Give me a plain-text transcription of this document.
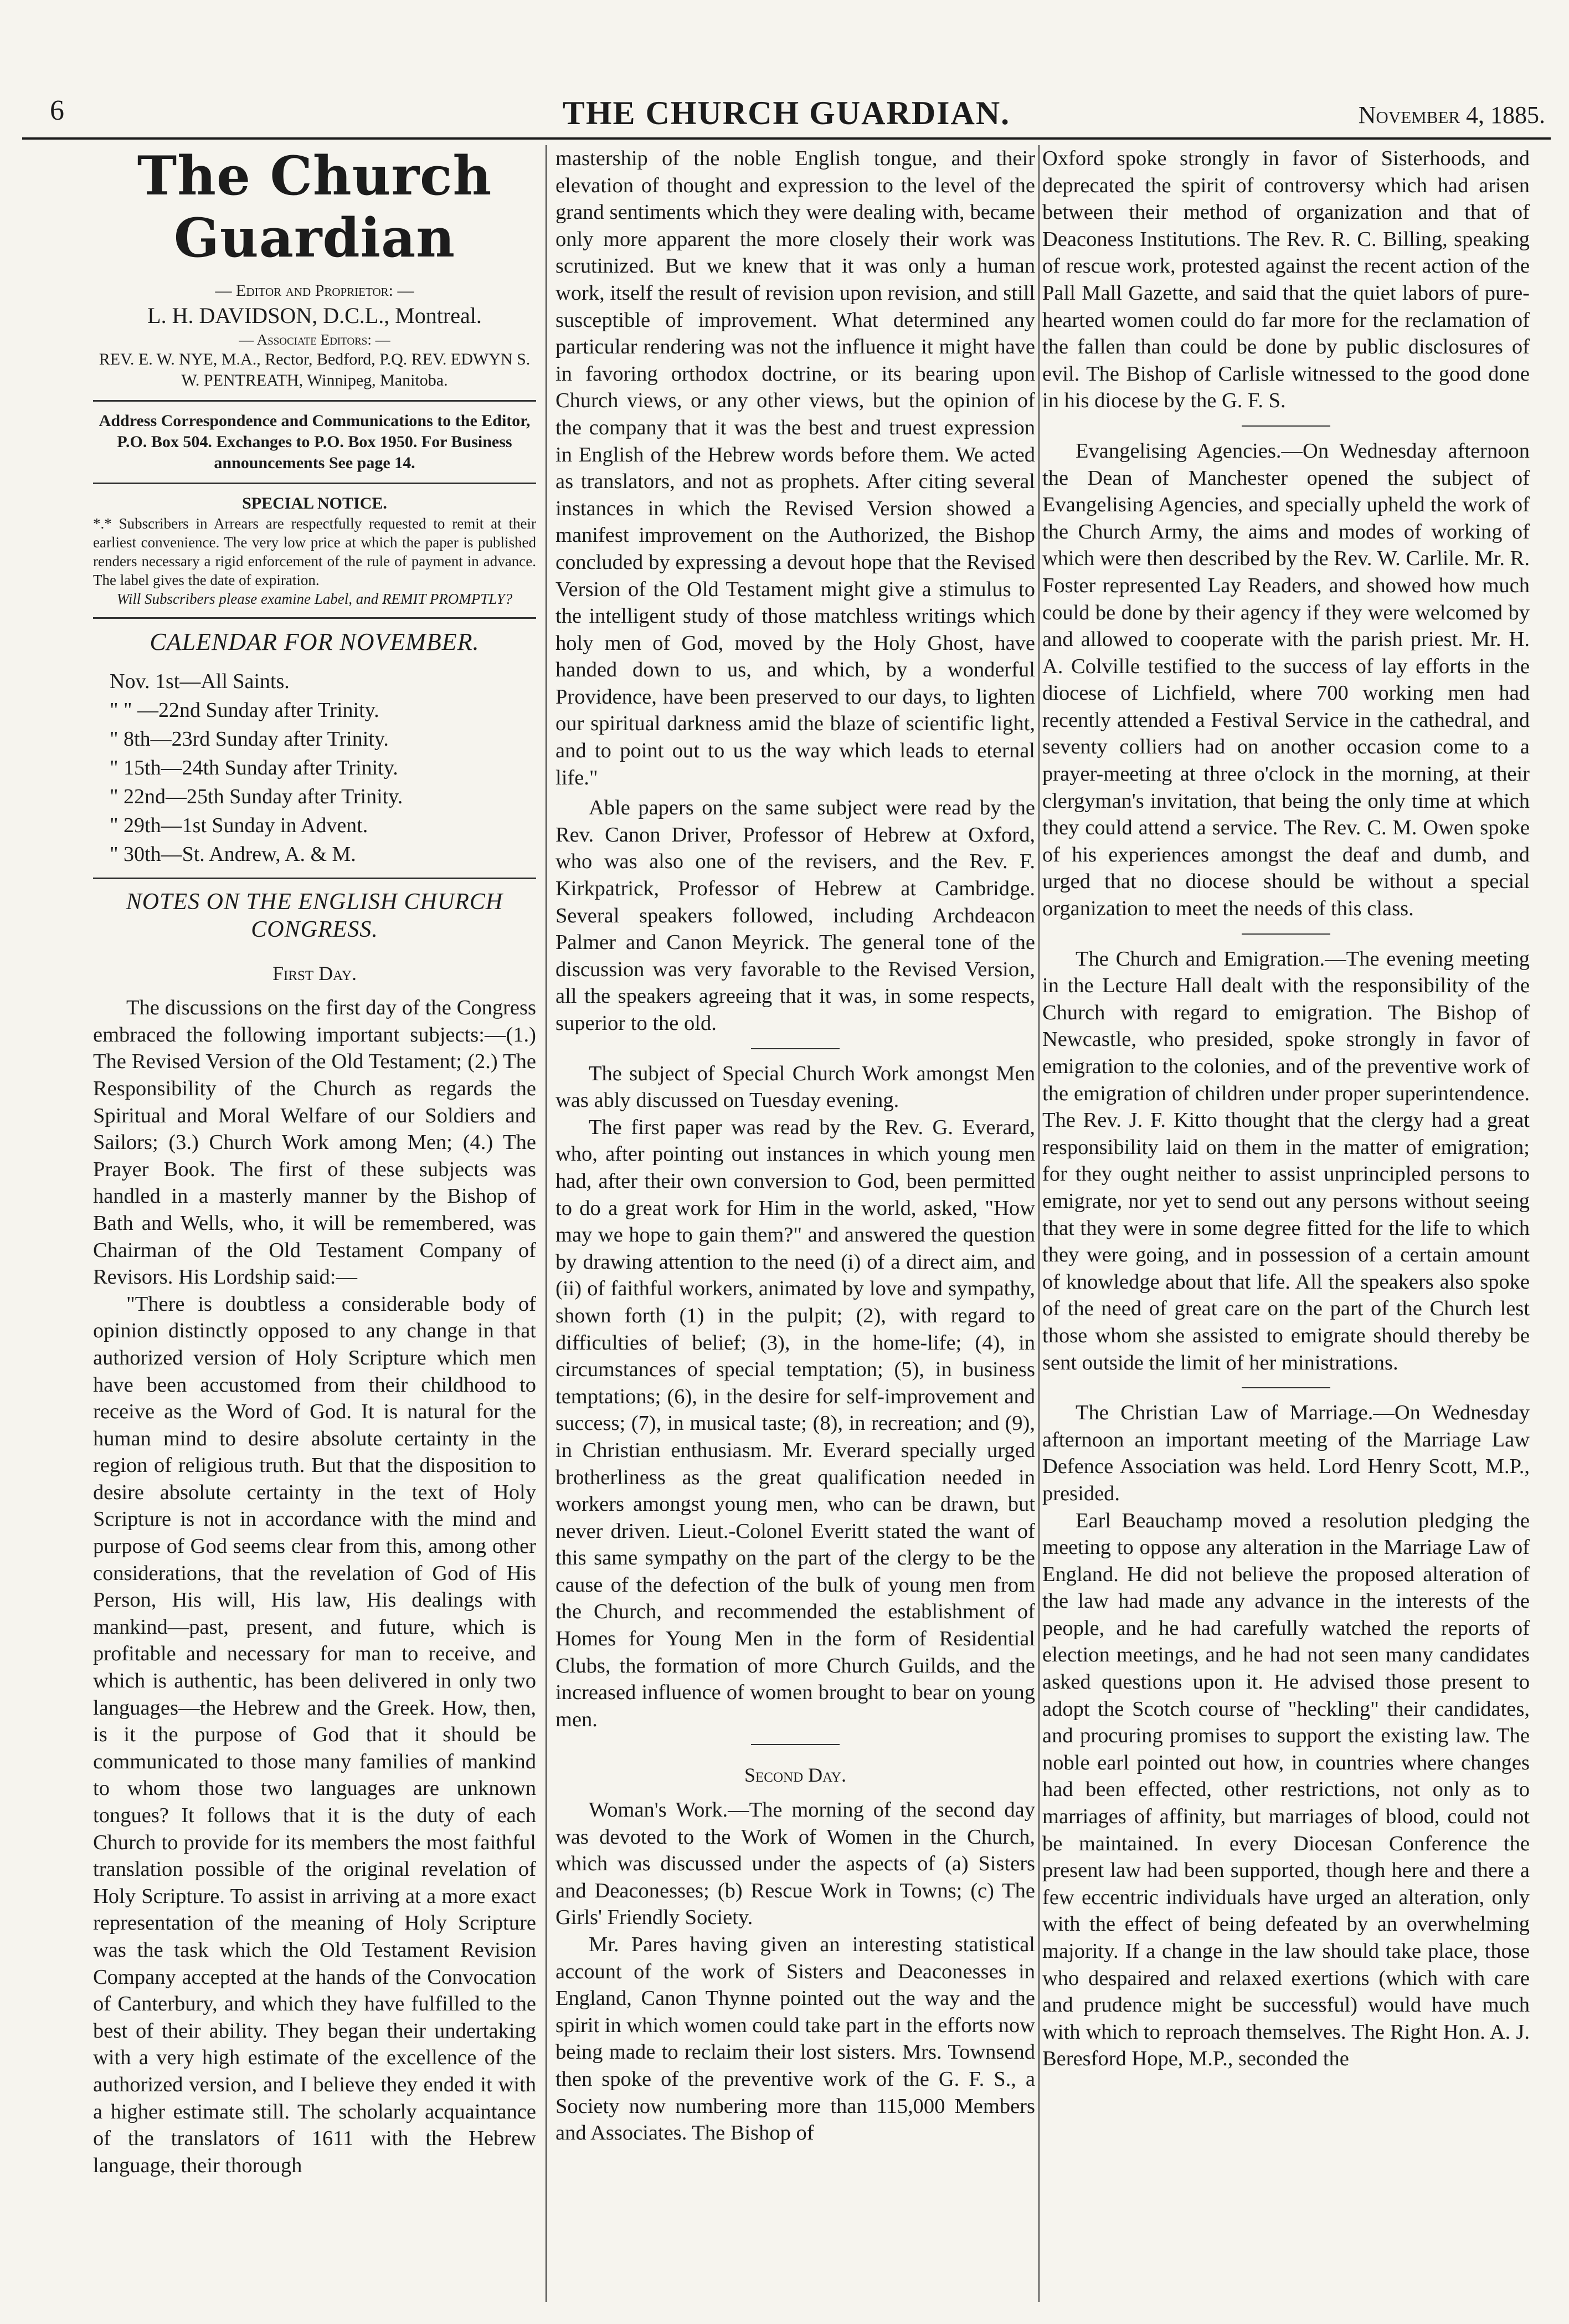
6	THE CHURCH GUARDIAN.	November 4, 1885.
The Church Guardian

— Editor and Proprietor: —

L. H. DAVIDSON, D.C.L., Montreal.

— Associate Editors: —

REV. E. W. NYE, M.A., Rector, Bedford, P.Q. REV. EDWYN S. W. PENTREATH, Winnipeg, Manitoba.

Address Correspondence and Communications to the Editor, P.O. Box 504. Exchanges to P.O. Box 1950. For Business announcements See page 14.

SPECIAL NOTICE.

*.* Subscribers in Arrears are respectfully requested to remit at their earliest convenience. The very low price at which the paper is published renders necessary a rigid enforcement of the rule of payment in advance. The label gives the date of expiration.

Will Subscribers please examine Label, and REMIT PROMPTLY?

CALENDAR FOR NOVEMBER.
Nov. 1st—All Saints.
" " —22nd Sunday after Trinity.
" 8th—23rd Sunday after Trinity.
" 15th—24th Sunday after Trinity.
" 22nd—25th Sunday after Trinity.
" 29th—1st Sunday in Advent.
" 30th—St. Andrew, A. & M.
NOTES ON THE ENGLISH CHURCH CONGRESS.
First Day.

The discussions on the first day of the Congress embraced the following important subjects:—(1.) The Revised Version of the Old Testament; (2.) The Responsibility of the Church as regards the Spiritual and Moral Welfare of our Soldiers and Sailors; (3.) Church Work among Men; (4.) The Prayer Book. The first of these subjects was handled in a masterly manner by the Bishop of Bath and Wells, who, it will be remembered, was Chairman of the Old Testament Company of Revisors. His Lordship said:—

"There is doubtless a considerable body of opinion distinctly opposed to any change in that authorized version of Holy Scripture which men have been accustomed from their childhood to receive as the Word of God. It is natural for the human mind to desire absolute certainty in the region of religious truth. But that the disposition to desire absolute certainty in the text of Holy Scripture is not in accordance with the mind and purpose of God seems clear from this, among other considerations, that the revelation of God of His Person, His will, His law, His dealings with mankind—past, present, and future, which is profitable and necessary for man to receive, and which is authentic, has been delivered in only two languages—the Hebrew and the Greek. How, then, is it the purpose of God that it should be communicated to those many families of mankind to whom those two languages are unknown tongues? It follows that it is the duty of each Church to provide for its members the most faithful translation possible of the original revelation of Holy Scripture. To assist in arriving at a more exact representation of the meaning of Holy Scripture was the task which the Old Testament Revision Company accepted at the hands of the Convocation of Canterbury, and which they have fulfilled to the best of their ability. They began their undertaking with a very high estimate of the excellence of the authorized version, and I believe they ended it with a higher estimate still. The scholarly acquaintance of the translators of 1611 with the Hebrew language, their thorough

mastership of the noble English tongue, and their elevation of thought and expression to the level of the grand sentiments which they were dealing with, became only more apparent the more closely their work was scrutinized. But we knew that it was only a human work, itself the result of revision upon revision, and still susceptible of improvement. What determined any particular rendering was not the influence it might have in favoring orthodox doctrine, or its bearing upon Church views, or any other views, but the opinion of the company that it was the best and truest expression in English of the Hebrew words before them. We acted as translators, and not as prophets. After citing several instances in which the Revised Version showed a manifest improvement on the Authorized, the Bishop concluded by expressing a devout hope that the Revised Version of the Old Testament might give a stimulus to the intelligent study of those matchless writings which holy men of God, moved by the Holy Ghost, have handed down to us, and which, by a wonderful Providence, have been preserved to our days, to lighten our spiritual darkness amid the blaze of scientific light, and to point out to us the way which leads to eternal life."

Able papers on the same subject were read by the Rev. Canon Driver, Professor of Hebrew at Oxford, who was also one of the revisers, and the Rev. F. Kirkpatrick, Professor of Hebrew at Cambridge. Several speakers followed, including Archdeacon Palmer and Canon Meyrick. The general tone of the discussion was very favorable to the Revised Version, all the speakers agreeing that it was, in some respects, superior to the old.

The subject of Special Church Work amongst Men was ably discussed on Tuesday evening.

The first paper was read by the Rev. G. Everard, who, after pointing out instances in which young men had, after their own conversion to God, been permitted to do a great work for Him in the world, asked, "How may we hope to gain them?" and answered the question by drawing attention to the need (i) of a direct aim, and (ii) of faithful workers, animated by love and sympathy, shown forth (1) in the pulpit; (2), with regard to difficulties of belief; (3), in the home-life; (4), in circumstances of special temptation; (5), in business temptations; (6), in the desire for self-improvement and success; (7), in musical taste; (8), in recreation; and (9), in Christian enthusiasm. Mr. Everard specially urged brotherliness as the great qualification needed in workers amongst young men, who can be drawn, but never driven. Lieut.-Colonel Everitt stated the want of this same sympathy on the part of the clergy to be the cause of the defection of the bulk of young men from the Church, and recommended the establishment of Homes for Young Men in the form of Residential Clubs, the formation of more Church Guilds, and the increased influence of women brought to bear on young men.

Second Day.

Woman's Work.—The morning of the second day was devoted to the Work of Women in the Church, which was discussed under the aspects of (a) Sisters and Deaconesses; (b) Rescue Work in Towns; (c) The Girls' Friendly Society.

Mr. Pares having given an interesting statistical account of the work of Sisters and Deaconesses in England, Canon Thynne pointed out the way and the spirit in which women could take part in the efforts now being made to reclaim their lost sisters. Mrs. Townsend then spoke of the preventive work of the G. F. S., a Society now numbering more than 115,000 Members and Associates. The Bishop of

Oxford spoke strongly in favor of Sisterhoods, and deprecated the spirit of controversy which had arisen between their method of organization and that of Deaconess Institutions. The Rev. R. C. Billing, speaking of rescue work, protested against the recent action of the Pall Mall Gazette, and said that the quiet labors of pure-hearted women could do far more for the reclamation of the fallen than could be done by public disclosures of evil. The Bishop of Carlisle witnessed to the good done in his diocese by the G. F. S.

Evangelising Agencies.—On Wednesday afternoon the Dean of Manchester opened the subject of Evangelising Agencies, and specially upheld the work of the Church Army, the aims and modes of working of which were then described by the Rev. W. Carlile. Mr. R. Foster represented Lay Readers, and showed how much could be done by their agency if they were welcomed by and allowed to cooperate with the parish priest. Mr. H. A. Colville testified to the success of lay efforts in the diocese of Lichfield, where 700 working men had recently attended a Festival Service in the cathedral, and seventy colliers had on another occasion come to a prayer-meeting at three o'clock in the morning, at their clergyman's invitation, that being the only time at which they could attend a service. The Rev. C. M. Owen spoke of his experiences amongst the deaf and dumb, and urged that no diocese should be without a special organization to meet the needs of this class.

The Church and Emigration.—The evening meeting in the Lecture Hall dealt with the responsibility of the Church with regard to emigration. The Bishop of Newcastle, who presided, spoke strongly in favor of emigration to the colonies, and of the preventive work of the emigration of children under proper superintendence. The Rev. J. F. Kitto thought that the clergy had a great responsibility laid on them in the matter of emigration; for they ought neither to assist unprincipled persons to emigrate, nor yet to send out any persons without seeing that they were in some degree fitted for the life to which they were going, and in possession of a certain amount of knowledge about that life. All the speakers also spoke of the need of great care on the part of the Church lest those whom she assisted to emigrate should thereby be sent outside the limit of her ministrations.

The Christian Law of Marriage.—On Wednesday afternoon an important meeting of the Marriage Law Defence Association was held. Lord Henry Scott, M.P., presided.

Earl Beauchamp moved a resolution pledging the meeting to oppose any alteration in the Marriage Law of England. He did not believe the proposed alteration of the law had made any advance in the interests of the people, and he had carefully watched the reports of election meetings, and he had not seen many candidates asked questions upon it. He advised those present to adopt the Scotch course of "heckling" their candidates, and procuring promises to support the existing law. The noble earl pointed out how, in countries where changes had been effected, other restrictions, not only as to marriages of affinity, but marriages of blood, could not be maintained. In every Diocesan Conference the present law had been supported, though here and there a few eccentric individuals have urged an alteration, only with the effect of being defeated by an overwhelming majority. If a change in the law should take place, those who despaired and relaxed exertions (which with care and prudence might be successful) would have much with which to reproach themselves. The Right Hon. A. J. Beresford Hope, M.P., seconded the
